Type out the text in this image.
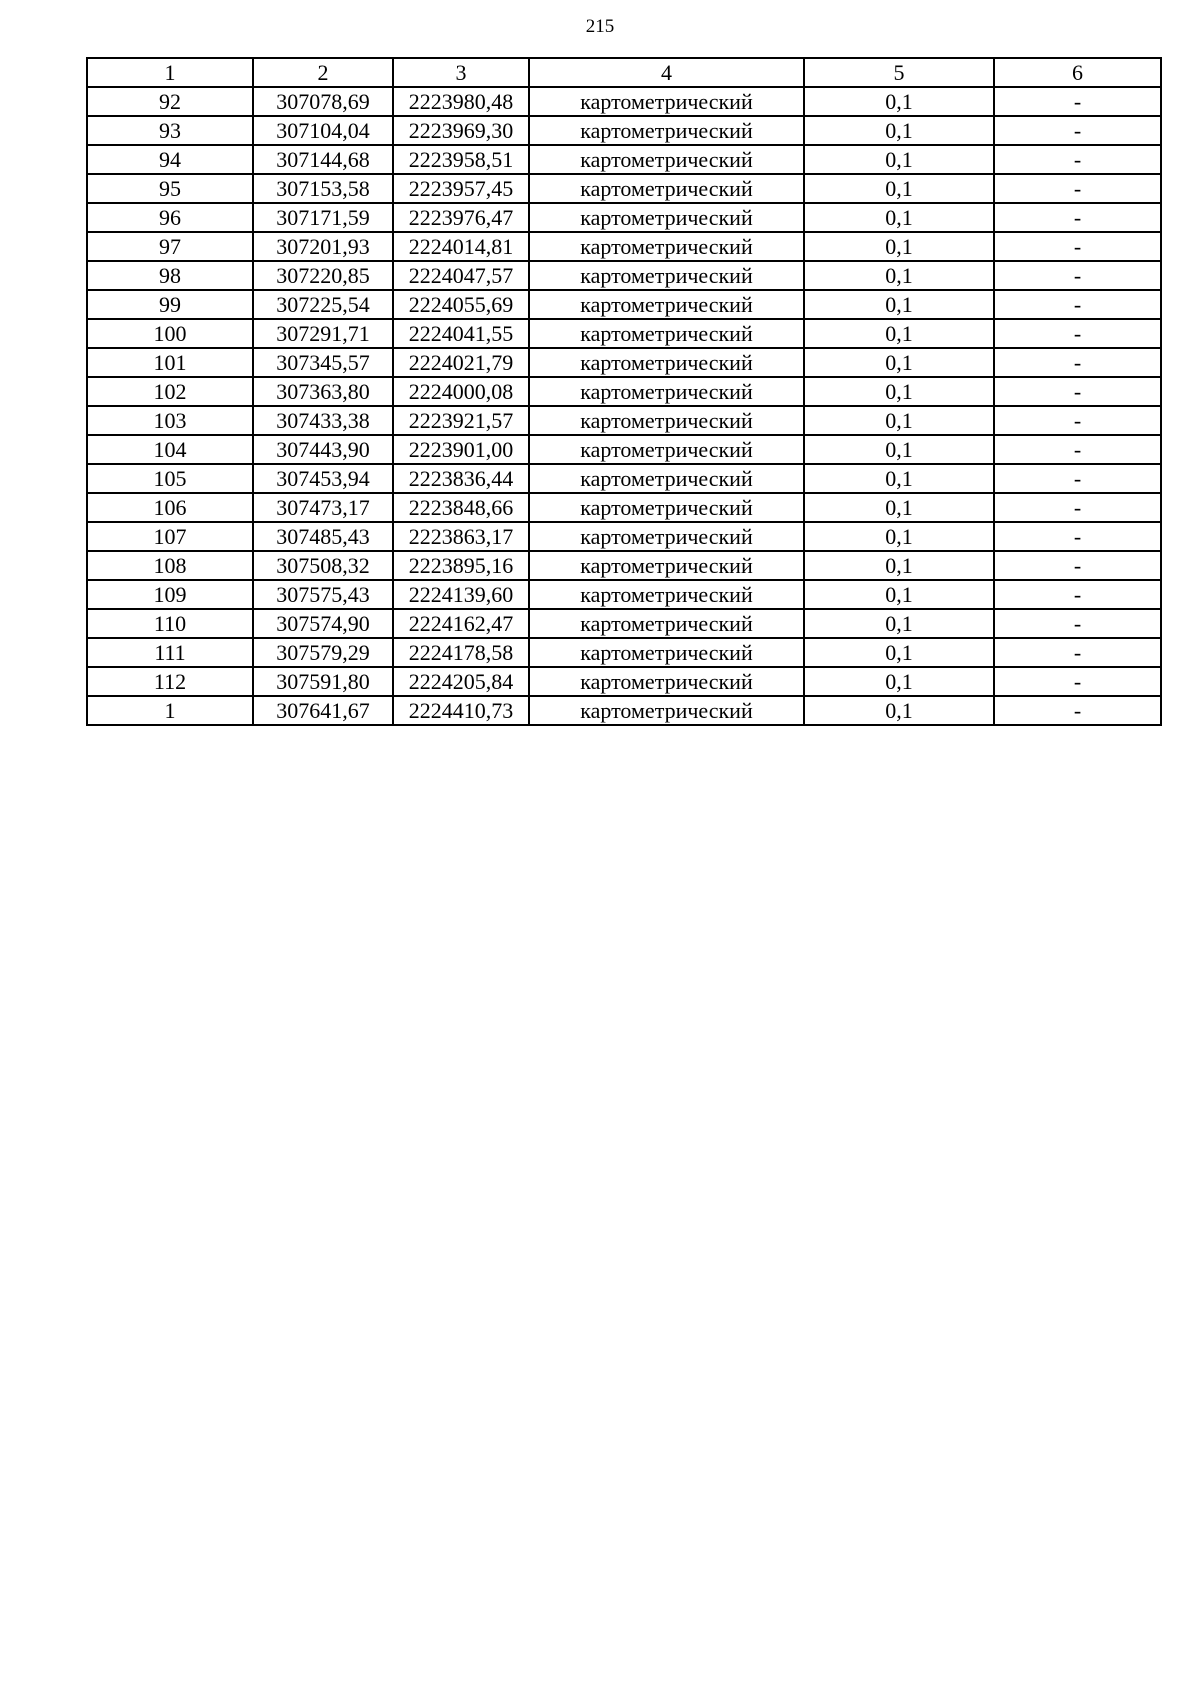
215
1	2	3	4	5	6
92	307078,69	2223980,48	картометрический	0,1	-
93	307104,04	2223969,30	картометрический	0,1	-
94	307144,68	2223958,51	картометрический	0,1	-
95	307153,58	2223957,45	картометрический	0,1	-
96	307171,59	2223976,47	картометрический	0,1	-
97	307201,93	2224014,81	картометрический	0,1	-
98	307220,85	2224047,57	картометрический	0,1	-
99	307225,54	2224055,69	картометрический	0,1	-
100	307291,71	2224041,55	картометрический	0,1	-
101	307345,57	2224021,79	картометрический	0,1	-
102	307363,80	2224000,08	картометрический	0,1	-
103	307433,38	2223921,57	картометрический	0,1	-
104	307443,90	2223901,00	картометрический	0,1	-
105	307453,94	2223836,44	картометрический	0,1	-
106	307473,17	2223848,66	картометрический	0,1	-
107	307485,43	2223863,17	картометрический	0,1	-
108	307508,32	2223895,16	картометрический	0,1	-
109	307575,43	2224139,60	картометрический	0,1	-
110	307574,90	2224162,47	картометрический	0,1	-
111	307579,29	2224178,58	картометрический	0,1	-
112	307591,80	2224205,84	картометрический	0,1	-
1	307641,67	2224410,73	картометрический	0,1	-
